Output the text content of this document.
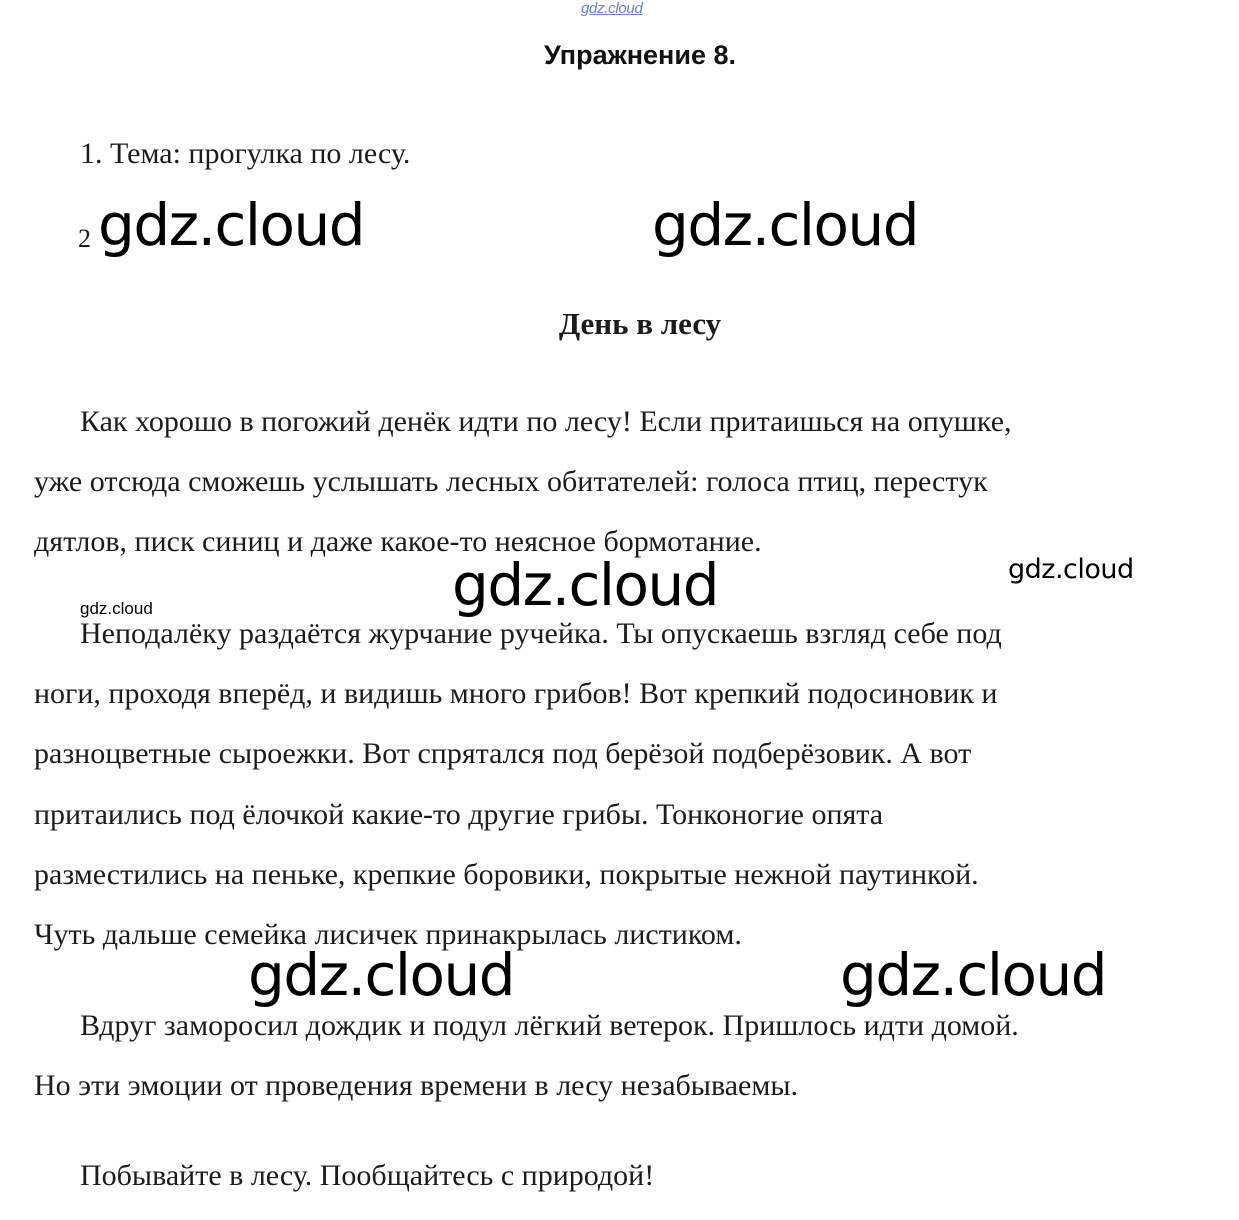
gdz.cloud
Упражнение 8.
1. Тема: прогулка по лесу.
2 gdz.cloud	gdz.cloud
День в лесу
Как хорошо в погожий денёк идти по лесу! Если притаишься на опушке,
уже отсюда сможешь услышать лесных обитателей: голоса птиц, перестук
дятлов, писк синиц и даже какое-то неясное бормотание.
gdz.cloud	gdz.cloud
gdz.cloud
Неподалёку раздаётся журчание ручейка. Ты опускаешь взгляд себе под
ноги, проходя вперёд, и видишь много грибов! Вот крепкий подосиновик и
разноцветные сыроежки. Вот спрятался под берёзой подберёзовик. А вот
притаились под ёлочкой какие-то другие грибы. Тонконогие опята
разместились на пеньке, крепкие боровики, покрытые нежной паутинкой.
Чуть дальше семейка лисичек принакрылась листиком.
gdz.cloud	gdz.cloud
Вдруг заморосил дождик и подул лёгкий ветерок. Пришлось идти домой.
Но эти эмоции от проведения времени в лесу незабываемы.
Побывайте в лесу. Пообщайтесь с природой!
